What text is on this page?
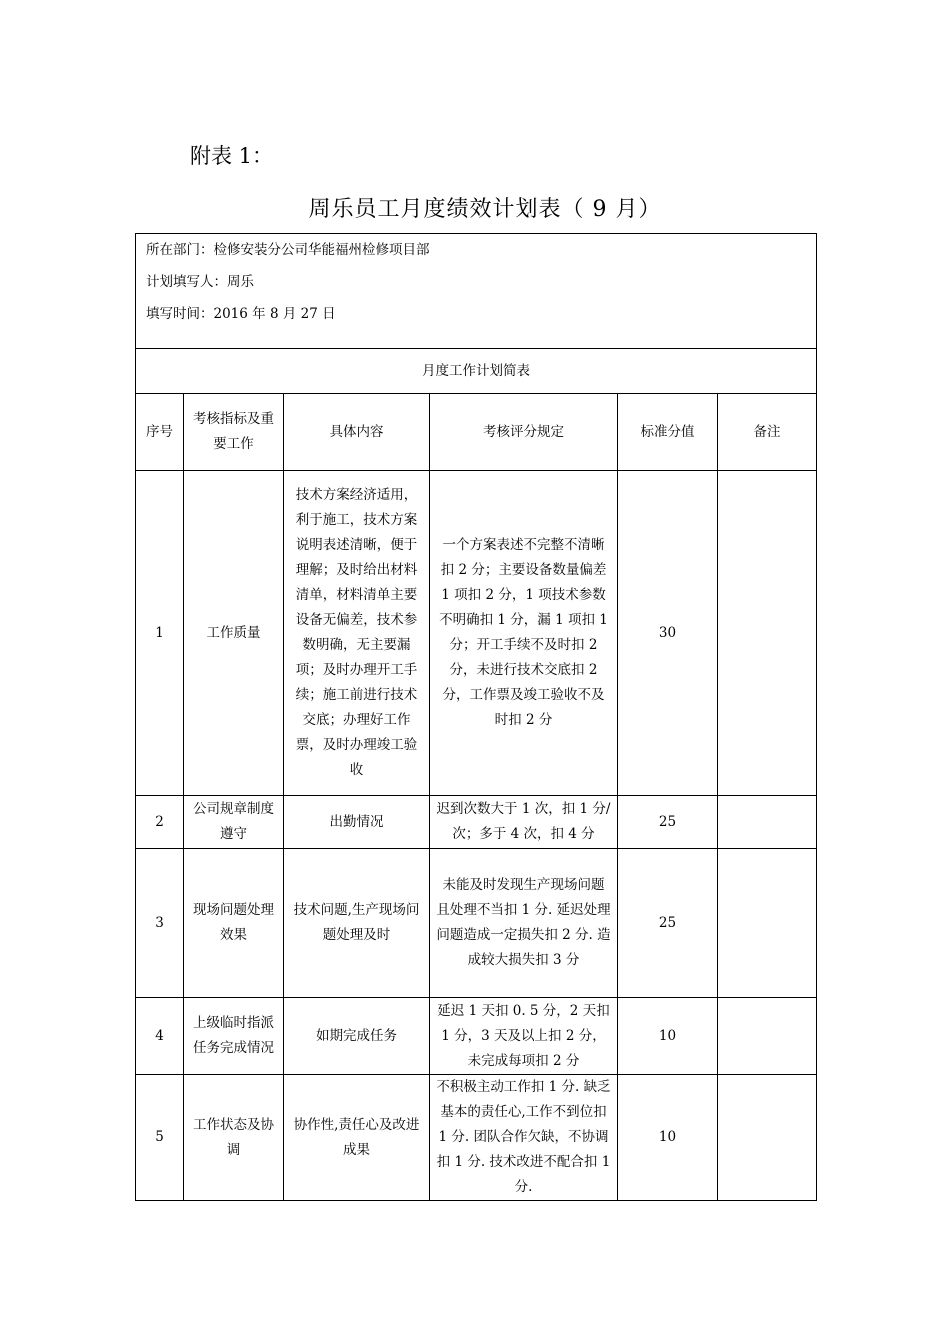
附表 1：
周乐员工月度绩效计划表（ 9 月）
所在部门：检修安装分公司华能福州检修项目部
计划填写人：周乐
填写时间：2016 年 8 月 27 日					

月度工作计划简表					
序号	考核指标及重要工作	具体内容	考核评分规定	标准分值	备注
1	工作质量	技术方案经济适用，利于施工，技术方案说明表述清晰，便于理解；及时给出材料清单，材料清单主要设备无偏差，技术参数明确，无主要漏项；及时办理开工手续；施工前进行技术交底；办理好工作票，及时办理竣工验收	一个方案表述不完整不清晰扣 2 分；主要设备数量偏差 1 项扣 2 分，1 项技术参数不明确扣 1 分，漏 1 项扣 1 分；开工手续不及时扣 2 分，未进行技术交底扣 2 分，工作票及竣工验收不及时扣 2 分	30	
2	公司规章制度遵守	出勤情况	迟到次数大于 1 次，扣 1 分/次；多于 4 次，扣 4 分	25	
3	现场问题处理效果	技术问题,生产现场问题处理及时	未能及时发现生产现场问题且处理不当扣 1 分. 延迟处理问题造成一定损失扣 2 分. 造成较大损失扣 3 分	25	
4	上级临时指派任务完成情况	如期完成任务	延迟 1 天扣 0. 5 分，2 天扣 1 分，3 天及以上扣 2 分，未完成每项扣 2 分	10	
5	工作状态及协调	协作性,责任心及改进成果	不积极主动工作扣 1 分. 缺乏基本的责任心,工作不到位扣 1 分. 团队合作欠缺，不协调扣 1 分. 技术改进不配合扣 1 分.	10	
